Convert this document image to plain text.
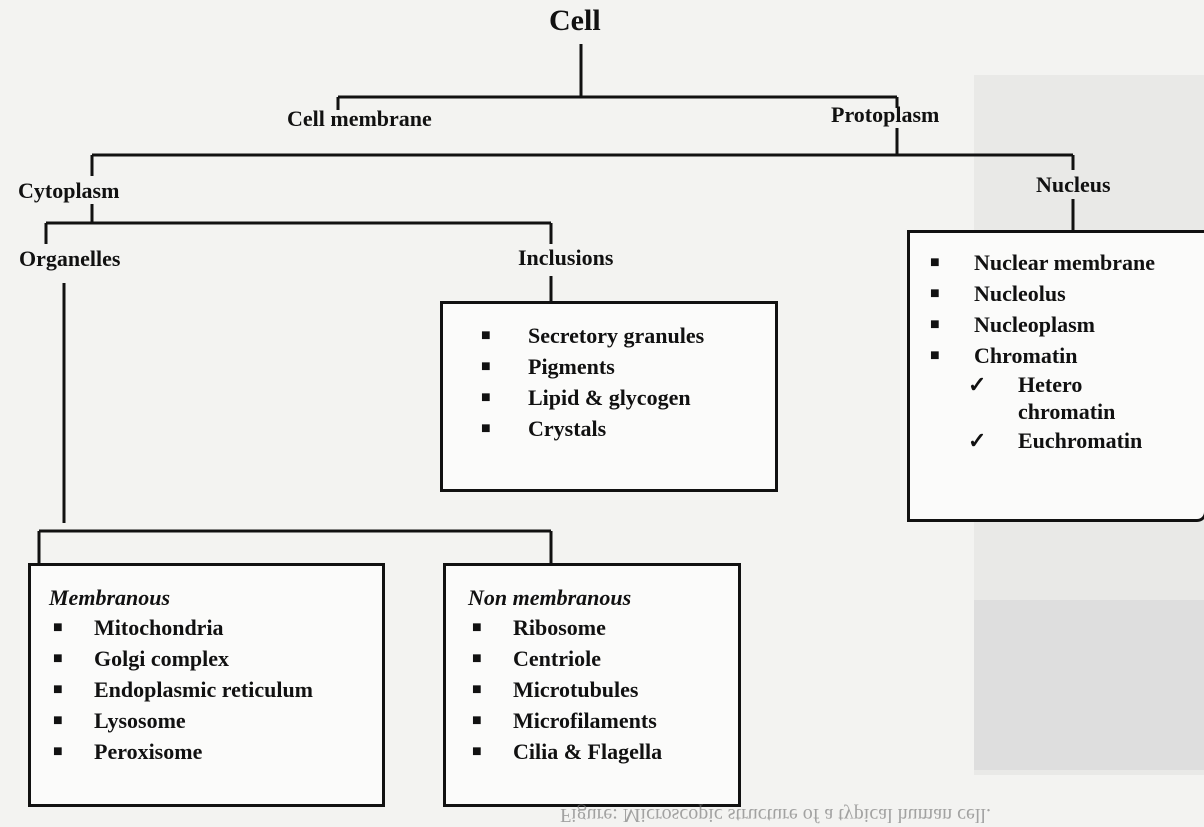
Cell
Cell membrane	Protoplasm
Cytoplasm	Nucleus
Organelles	Inclusions
■ Secretory granules
■ Pigments
■ Lipid & glycogen
■ Crystals
■ Nuclear membrane
■ Nucleolus
■ Nucleoplasm
■ Chromatin
✓ Hetero chromatin
✓ Euchromatin
Membranous
■ Mitochondria
■ Golgi complex
■ Endoplasmic reticulum
■ Lysosome
■ Peroxisome
Non membranous
■ Ribosome
■ Centriole
■ Microtubules
■ Microfilaments
■ Cilia & Flagella
Figure: Microscopic structure of a typical human cell.
